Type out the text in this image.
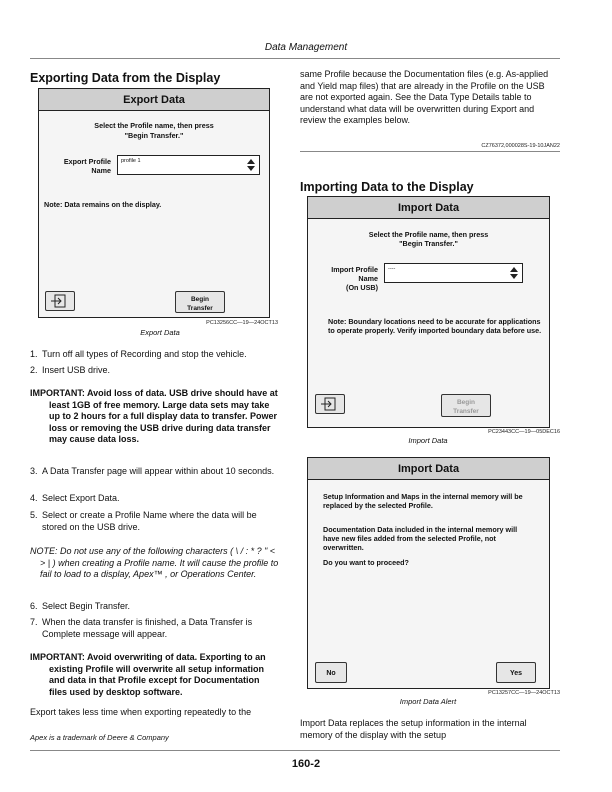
Data Management
Exporting Data from the Display
Export Data
Select the Profile name, then press
"Begin Transfer."
Export Profile
Name
profile 1
Note: Data remains on the display.
Begin
Transfer
PC13256CC—19—24OCT13
Export Data
1. Turn off all types of Recording and stop the vehicle.
2. Insert USB drive.
IMPORTANT: Avoid loss of data. USB drive should have at least 1GB of free memory. Large data sets may take up to 2 hours for a full display data to transfer. Power loss or removing the USB drive during data transfer may cause data loss.
3. A Data Transfer page will appear within about 10 seconds.
4. Select Export Data.
5. Select or create a Profile Name where the data will be stored on the USB drive.
NOTE: Do not use any of the following characters ( \ / : * ? " < > | ) when creating a Profile name. It will cause the profile to fail to load to a display, Apex™ , or Operations Center.
6. Select Begin Transfer.
7. When the data transfer is finished, a Data Transfer is Complete message will appear.
IMPORTANT: Avoid overwriting of data. Exporting to an existing Profile will overwrite all setup information and data in that Profile except for Documentation files used by desktop software.
Export takes less time when exporting repeatedly to the
Apex is a trademark of Deere & Company
same Profile because the Documentation files (e.g. As-applied and Yield map files) that are already in the Profile on the USB are not exported again. See the Data Type Details table to understand what data will be overwritten during Export and review the examples below.
CZ76372,000028S-19-10JAN22
Importing Data to the Display
Import Data
Select the Profile name, then press
"Begin Transfer."
Import Profile
Name
(On USB)
----
Note: Boundary locations need to be accurate for applications to operate properly. Verify imported boundary data before use.
Begin
Transfer
PC23443CC—19—05DEC16
Import Data
Import Data
Setup Information and Maps in the internal memory will be replaced by the selected Profile.
Documentation Data included in the internal memory will have new files added from the selected Profile, not overwritten.
Do you want to proceed?
No	Yes
PC13257CC—19—24OCT13
Import Data Alert
Import Data replaces the setup information in the internal memory of the display with the setup
160-2
